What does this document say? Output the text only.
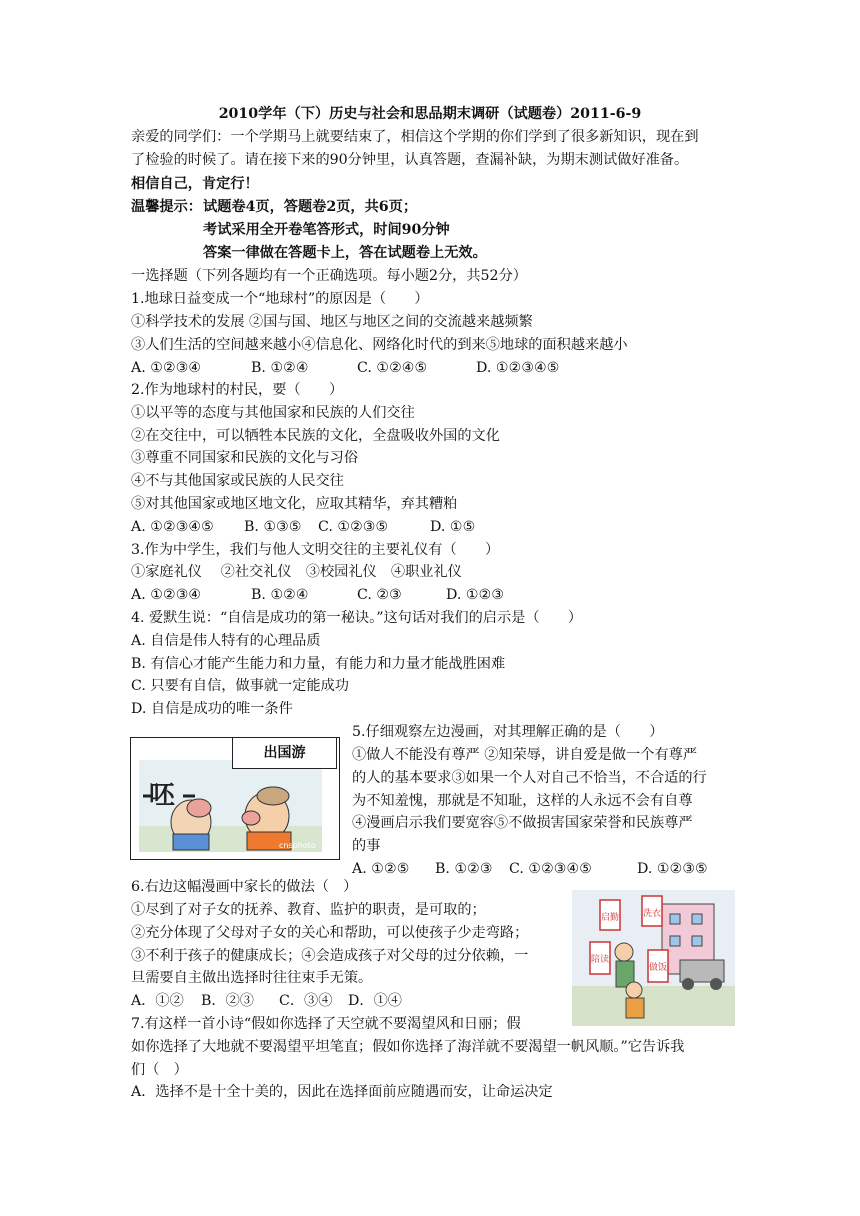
2010学年（下）历史与社会和思品期末调研（试题卷）2011-6-9
亲爱的同学们：一个学期马上就要结束了，相信这个学期的你们学到了很多新知识，现在到
了检验的时候了。请在接下来的90分钟里，认真答题，查漏补缺，为期末测试做好准备。
相信自己，肯定行！
温馨提示： 试题卷4页，答题卷2页，共6页；
考试采用全开卷笔答形式，时间90分钟
答案一律做在答题卡上，答在试题卷上无效。
一选择题（下列各题均有一个正确选项。每小题2分，共52分）
1.地球日益变成一个“地球村”的原因是（　　）
①科学技术的发展 ②国与国、地区与地区之间的交流越来越频繁
③人们生活的空间越来越小④信息化、网络化时代的到来⑤地球的面积越来越小
A. ①②③④	B. ①②④	C. ①②④⑤	D. ①②③④⑤
2.作为地球村的村民，要（　　）
①以平等的态度与其他国家和民族的人们交往
②在交往中，可以牺牲本民族的文化，全盘吸收外国的文化
③尊重不同国家和民族的文化与习俗
④不与其他国家或民族的人民交往
⑤对其他国家或地区地文化，应取其精华，弃其糟粕
A. ①②③④⑤ B. ①③⑤ C. ①②③⑤	D. ①⑤
3.作为中学生，我们与他人文明交往的主要礼仪有（　　）
①家庭礼仪　 ②社交礼仪　③校园礼仪　④职业礼仪
A. ①②③④	B. ①②④	C. ②③	D. ①②③
4. 爱默生说：“自信是成功的第一秘诀。”这句话对我们的启示是（　　）
A. 自信是伟人特有的心理品质
B. 有信心才能产生能力和力量，有能力和力量才能战胜困难
C. 只要有自信，做事就一定能成功
D. 自信是成功的唯一条件
呸
cnsphoto
出国游
5.仔细观察左边漫画，对其理解正确的是（　　）
①做人不能没有尊严 ②知荣辱，讲自爱是做一个有尊严
的人的基本要求③如果一个人对自己不恰当，不合适的行
为不知羞愧，那就是不知耻，这样的人永远不会有自尊
④漫画启示我们要宽容⑤不做损害国家荣誉和民族尊严
的事
A. ①②⑤ B. ①②③ C. ①②③④⑤	D. ①②③⑤
启勤	洗衣
陪读
做饭
6.右边这幅漫画中家长的做法（　）
①尽到了对子女的抚养、教育、监护的职责，是可取的；
②充分体现了父母对子女的关心和帮助，可以使孩子少走弯路；
③不利于孩子的健康成长；④会造成孩子对父母的过分依赖，一
旦需要自主做出选择时往往束手无策。
A．①② B．②③ C．③④ D．①④
7.有这样一首小诗“假如你选择了天空就不要渴望风和日丽；假
如你选择了大地就不要渴望平坦笔直；假如你选择了海洋就不要渴望一帆风顺。”它告诉我
们（　）
A．选择不是十全十美的，因此在选择面前应随遇而安，让命运决定
